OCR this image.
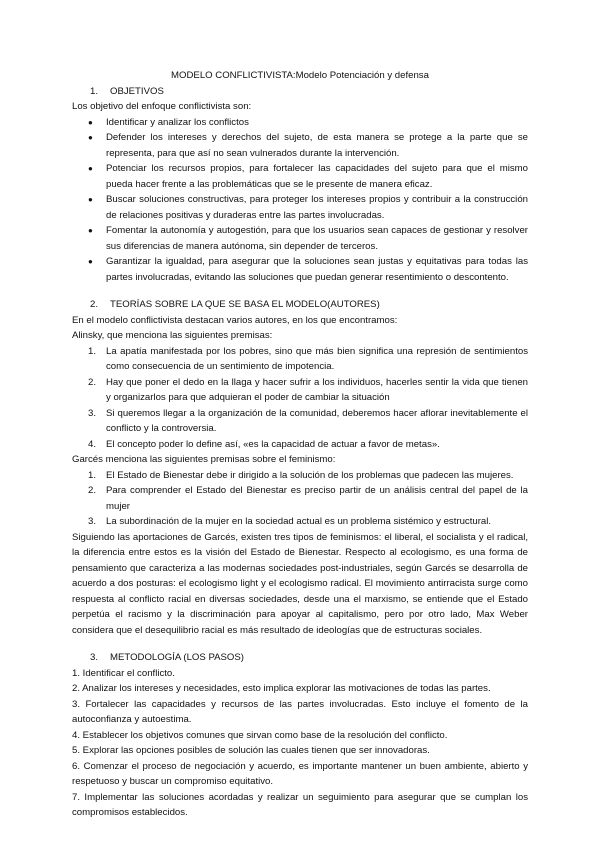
MODELO CONFLICTIVISTA:Modelo Potenciación y defensa

1. OBJETIVOS

Los objetivo del enfoque conflictivista son:

● Identificar y analizar los conflictos
● Defender los intereses y derechos del sujeto, de esta manera se protege a la parte que se representa, para que así no sean vulnerados durante la intervención.
● Potenciar los recursos propios, para fortalecer las capacidades del sujeto para que el mismo pueda hacer frente a las problemáticas que se le presente de manera eficaz.
● Buscar soluciones constructivas, para proteger los intereses propios y contribuir a la construcción de relaciones positivas y duraderas entre las partes involucradas.
● Fomentar la autonomía y autogestión, para que los usuarios sean capaces de gestionar y resolver sus diferencias de manera autónoma, sin depender de terceros.
● Garantizar la igualdad, para asegurar que la soluciones sean justas y equitativas para todas las partes involucradas, evitando las soluciones que puedan generar resentimiento o descontento.

2. TEORÍAS SOBRE LA QUE SE BASA EL MODELO(AUTORES)

En el modelo conflictivista destacan varios autores, en los que encontramos:

Alinsky, que menciona las siguientes premisas:

1. La apatía manifestada por los pobres, sino que más bien significa una represión de sentimientos como consecuencia de un sentimiento de impotencia.
2. Hay que poner el dedo en la llaga y hacer sufrir a los individuos, hacerles sentir la vida que tienen y organizarlos para que adquieran el poder de cambiar la situación
3. Si queremos llegar a la organización de la comunidad, deberemos hacer aflorar inevitablemente el conflicto y la controversia.
4. El concepto poder lo define así, «es la capacidad de actuar a favor de metas».

Garcés menciona las siguientes premisas sobre el feminismo:

1. El Estado de Bienestar debe ir dirigido a la solución de los problemas que padecen las mujeres.
2. Para comprender el Estado del Bienestar es preciso partir de un análisis central del papel de la mujer
3. La subordinación de la mujer en la sociedad actual es un problema sistémico y estructural.

Siguiendo las aportaciones de Garcés, existen tres tipos de feminismos: el liberal, el socialista y el radical, la diferencia entre estos es la visión del Estado de Bienestar. Respecto al ecologismo, es una forma de pensamiento que caracteriza a las modernas sociedades post-industriales, según Garcés se desarrolla de acuerdo a dos posturas: el ecologismo light y el ecologismo radical. El movimiento antirracista surge como respuesta al conflicto racial en diversas sociedades, desde una el marxismo, se entiende que el Estado perpetúa el racismo y la discriminación para apoyar al capitalismo, pero por otro lado, Max Weber considera que el desequilibrio racial es más resultado de ideologías que de estructuras sociales.

3. METODOLOGÍA (LOS PASOS)

1. Identificar el conflicto.

2. Analizar los intereses y necesidades, esto implica explorar las motivaciones de todas las partes.

3. Fortalecer las capacidades y recursos de las partes involucradas. Esto incluye el fomento de la autoconfianza y autoestima.

4. Establecer los objetivos comunes que sirvan como base de la resolución del conflicto.

5. Explorar las opciones posibles de solución las cuales tienen que ser innovadoras.

6. Comenzar el proceso de negociación y acuerdo, es importante mantener un buen ambiente, abierto y respetuoso y buscar un compromiso equitativo.

7. Implementar las soluciones acordadas y realizar un seguimiento para asegurar que se cumplan los compromisos establecidos.
